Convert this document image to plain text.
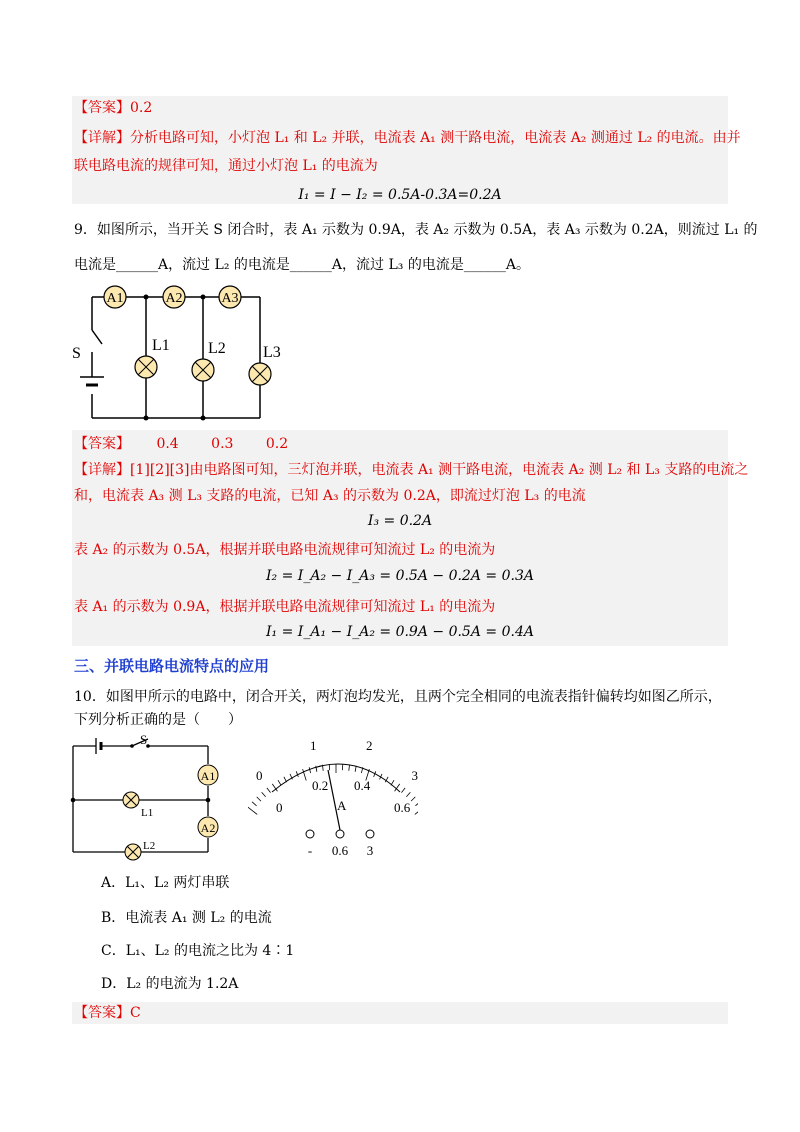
【答案】0.2
【详解】分析电路可知，小灯泡 L₁ 和 L₂ 并联，电流表 A₁ 测干路电流，电流表 A₂ 测通过 L₂ 的电流。由并
联电路电流的规律可知，通过小灯泡 L₁ 的电流为
I₁ = I − I₂ = 0.5A-0.3A=0.2A
9．如图所示，当开关 S 闭合时，表 A₁ 示数为 0.9A，表 A₂ 示数为 0.5A，表 A₃ 示数为 0.2A，则流过 L₁ 的
电流是______A，流过 L₂ 的电流是______A，流过 L₃ 的电流是______A。
A1	A2	A3
L1 L2 L3
S
【答案】 0.4 0.3 0.2
【详解】[1][2][3]由电路图可知，三灯泡并联，电流表 A₁ 测干路电流，电流表 A₂ 测 L₂ 和 L₃ 支路的电流之
和，电流表 A₃ 测 L₃ 支路的电流，已知 A₃ 的示数为 0.2A，即流过灯泡 L₃ 的电流
I₃ = 0.2A
表 A₂ 的示数为 0.5A，根据并联电路电流规律可知流过 L₂ 的电流为
I₂ = I_A₂ − I_A₃ = 0.5A − 0.2A = 0.3A
表 A₁ 的示数为 0.9A，根据并联电路电流规律可知流过 L₁ 的电流为
I₁ = I_A₁ − I_A₂ = 0.9A − 0.5A = 0.4A
三、并联电路电流特点的应用
10．如图甲所示的电路中，闭合开关，两灯泡均发光，且两个完全相同的电流表指针偏转均如图乙所示，
下列分析正确的是（　　）
S
A1
A2
L1
L2
0
1	2
3
0
0.2 0.4
0.6
A
- 0.6 3
A．L₁、L₂ 两灯串联
B．电流表 A₁ 测 L₂ 的电流
C．L₁、L₂ 的电流之比为 4∶1
D．L₂ 的电流为 1.2A
【答案】C
